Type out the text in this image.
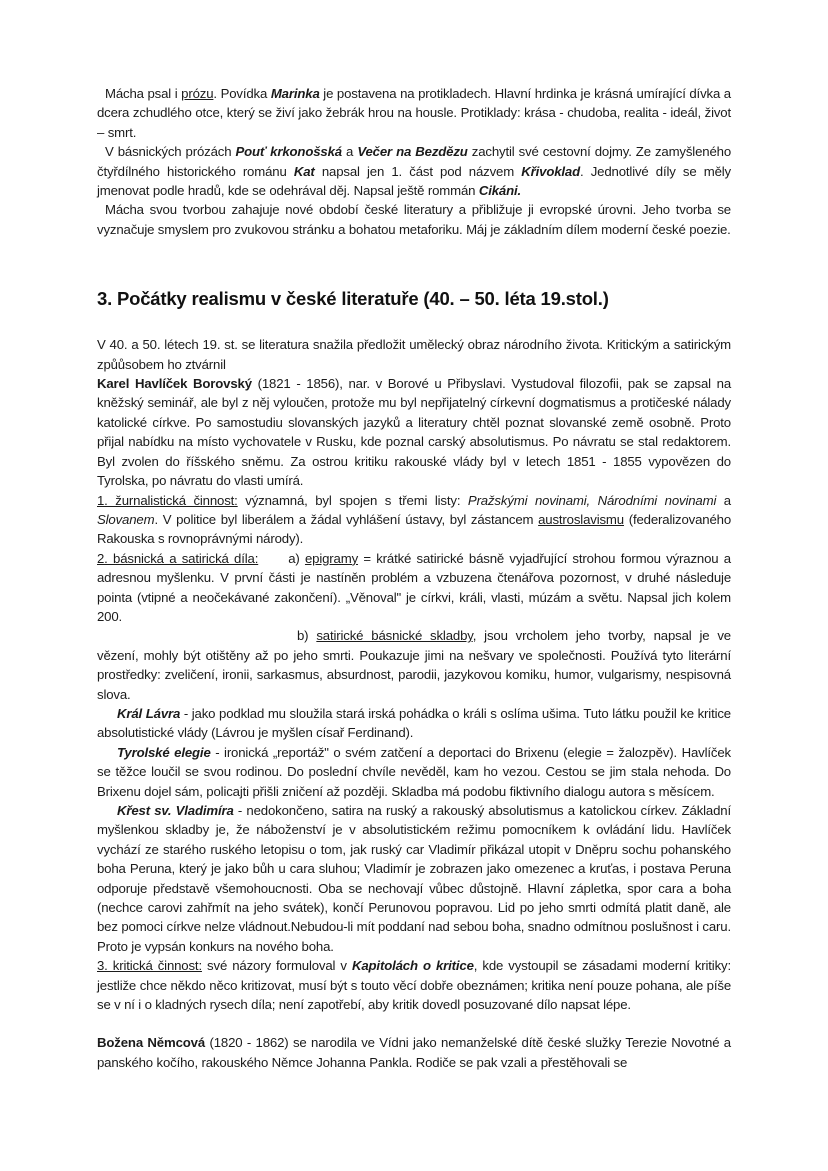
Mácha psal i prózu. Povídka Marinka je postavena na protikladech. Hlavní hrdinka je krásná umírající dívka a dcera zchudlého otce, který se živí jako žebrák hrou na housle. Protiklady: krása - chudoba, realita - ideál, život – smrt.

V básnických prózách Pouť krkonošská a Večer na Bezdězu zachytil své cestovní dojmy. Ze zamyšleného čtyřdílného historického románu Kat napsal jen 1. část pod názvem Křivoklad. Jednotlivé díly se měly jmenovat podle hradů, kde se odehrával děj. Napsal ještě rommán Cikáni.

Mácha svou tvorbou zahajuje nové období české literatury a přibližuje ji evropské úrovni. Jeho tvorba se vyznačuje smyslem pro zvukovou stránku a bohatou metaforiku. Máj je základním dílem moderní české poezie.

3. Počátky realismu v české literatuře (40. – 50. léta 19.stol.)

V 40. a 50. létech 19. st. se literatura snažila předložit umělecký obraz národního života. Kritickým a satirickým způůsobem ho ztvárnil

Karel Havlíček Borovský (1821 - 1856), nar. v Borové u Přibyslavi. Vystudoval filozofii, pak se zapsal na kněžský seminář, ale byl z něj vyloučen, protože mu byl nepřijatelný církevní dogmatismus a protičeské nálady katolické církve. Po samostudiu slovanských jazyků a literatury chtěl poznat slovanské země osobně. Proto přijal nabídku na místo vychovatele v Rusku, kde poznal carský absolutismus. Po návratu se stal redaktorem. Byl zvolen do říšského sněmu. Za ostrou kritiku rakouské vlády byl v letech 1851 - 1855 vypovězen do Tyrolska, po návratu do vlasti umírá.

1. žurnalistická činnost: významná, byl spojen s třemi listy: Pražskými novinami, Národními novinami a Slovanem. V politice byl liberálem a žádal vyhlášení ústavy, byl zástancem austroslavismu (federalizovaného Rakouska s rovnoprávnými národy).

2. básnická a satirická díla: a) epigramy = krátké satirické básně vyjadřující strohou formou výraznou a adresnou myšlenku. V první části je nastíněn problém a vzbuzena čtenářova pozornost, v druhé následuje pointa (vtipné a neočekávané zakončení). „Věnoval" je církvi, králi, vlasti, múzám a světu. Napsal jich kolem 200.

b) satirické básnické skladby, jsou vrcholem jeho tvorby, napsal je ve vězení, mohly být otištěny až po jeho smrti. Poukazuje jimi na nešvary ve společnosti. Používá tyto literární prostředky: zveličení, ironii, sarkasmus, absurdnost, parodii, jazykovou komiku, humor, vulgarismy, nespisovná slova.

Král Lávra - jako podklad mu sloužila stará irská pohádka o králi s oslíma ušima. Tuto látku použil ke kritice absolutistické vlády (Lávrou je myšlen císař Ferdinand).

Tyrolské elegie - ironická „reportáž" o svém zatčení a deportaci do Brixenu (elegie = žalozpěv). Havlíček se těžce loučil se svou rodinou. Do poslední chvíle nevěděl, kam ho vezou. Cestou se jim stala nehoda. Do Brixenu dojel sám, policajti přišli zničení až později. Skladba má podobu fiktivního dialogu autora s měsícem.

Křest sv. Vladimíra - nedokončeno, satira na ruský a rakouský absolutismus a katolickou církev. Základní myšlenkou skladby je, že náboženství je v absolutistickém režimu pomocníkem k ovládání lidu. Havlíček vychází ze starého ruského letopisu o tom, jak ruský car Vladimír přikázal utopit v Dněpru sochu pohanského boha Peruna, který je jako bůh u cara sluhou; Vladimír je zobrazen jako omezenec a kruťas, i postava Peruna odporuje představě všemohoucnosti. Oba se nechovají vůbec důstojně. Hlavní zápletka, spor cara a boha (nechce carovi zahřmít na jeho svátek), končí Perunovou popravou. Lid po jeho smrti odmítá platit daně, ale bez pomoci církve nelze vládnout.Nebudou-li mít poddaní nad sebou boha, snadno odmítnou poslušnost i caru. Proto je vypsán konkurs na nového boha.

3. kritická činnost: své názory formuloval v Kapitolách o kritice, kde vystoupil se zásadami moderní kritiky: jestliže chce někdo něco kritizovat, musí být s touto věcí dobře obeznámen; kritika není pouze pohana, ale píše se v ní i o kladných rysech díla; není zapotřebí, aby kritik dovedl posuzované dílo napsat lépe.

Božena Němcová (1820 - 1862) se narodila ve Vídni jako nemanželské dítě české služky Terezie Novotné a panského kočího, rakouského Němce Johanna Pankla. Rodiče se pak vzali a přestěhovali se
